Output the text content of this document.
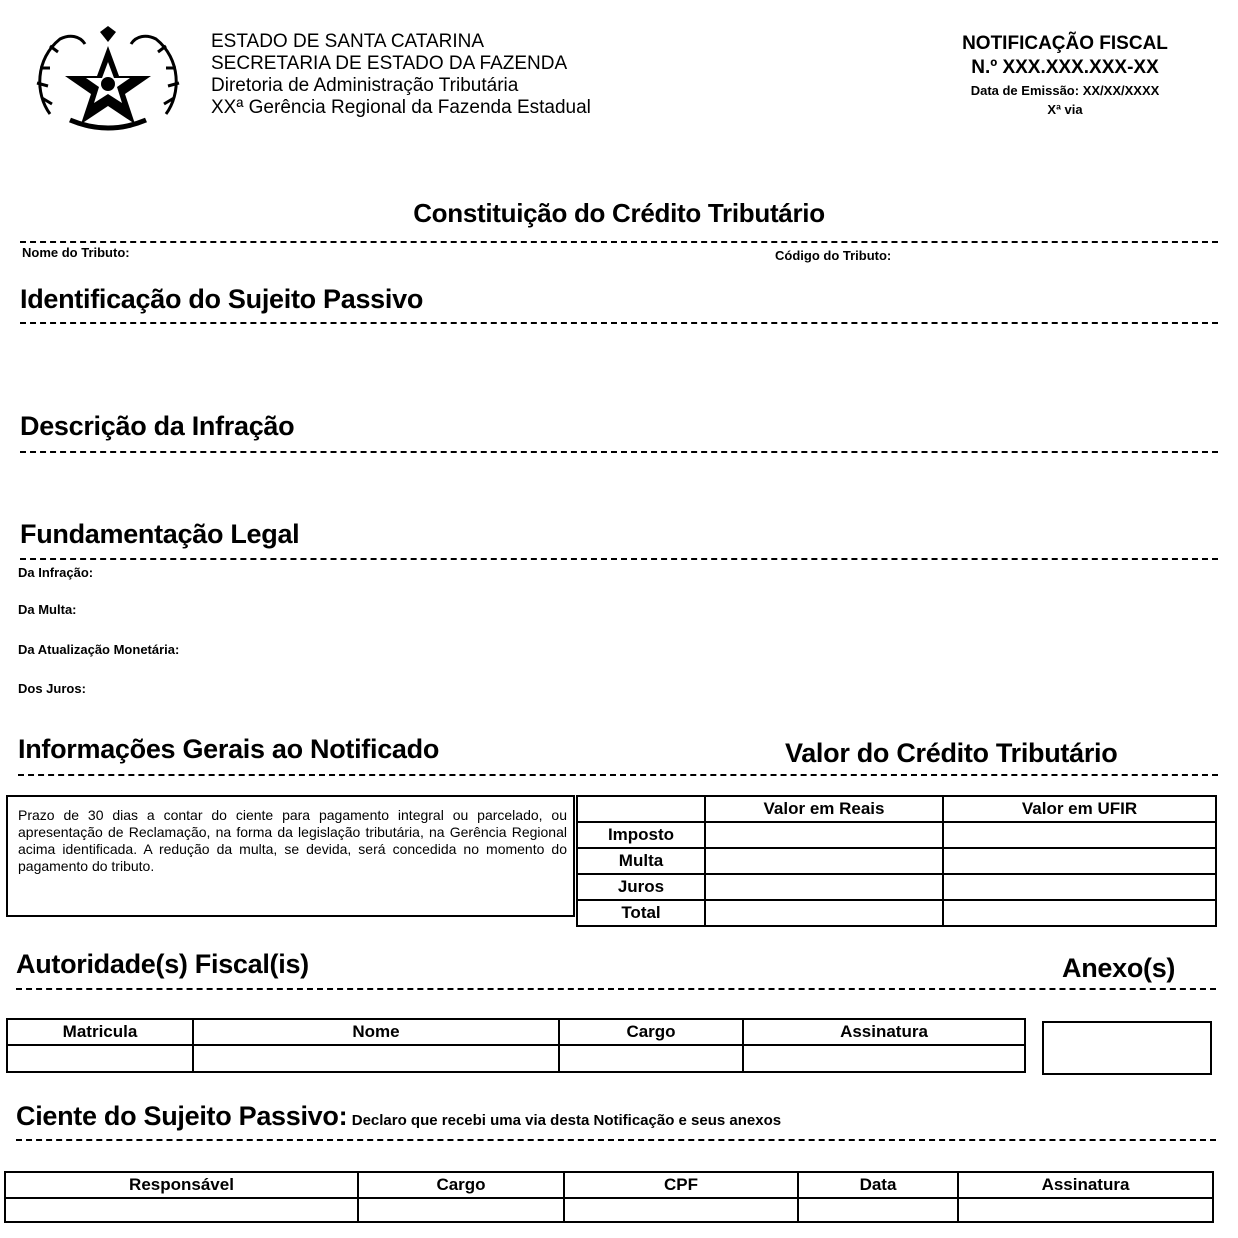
ESTADO DE SANTA CATARINA
SECRETARIA DE ESTADO DA FAZENDA
Diretoria de Administração Tributária
XXª Gerência Regional da Fazenda Estadual
NOTIFICAÇÃO FISCAL
N.º XXX.XXX.XXX-XX
Data de Emissão: XX/XX/XXXX
Xª via
Constituição do Crédito Tributário
Nome do Tributo:	Código do Tributo:
Identificação do Sujeito Passivo
Descrição da Infração
Fundamentação Legal
Da Infração:
Da Multa:
Da Atualização Monetária:
Dos Juros:
Informações Gerais ao Notificado	Valor do Crédito Tributário
Prazo de 30 dias a contar do ciente para pagamento integral ou parcelado, ou apresentação de Reclamação, na forma da legislação tributária, na Gerência Regional acima identificada. A redução da multa, se devida, será concedida no momento do pagamento do tributo.
	Valor em Reais	Valor em UFIR
Imposto		
Multa		
Juros		
Total		
Autoridade(s) Fiscal(is)	Anexo(s)
Matricula	Nome	Cargo	Assinatura

Ciente do Sujeito Passivo: Declaro que recebi uma via desta Notificação e seus anexos
Responsável	Cargo	CPF	Data	Assinatura
